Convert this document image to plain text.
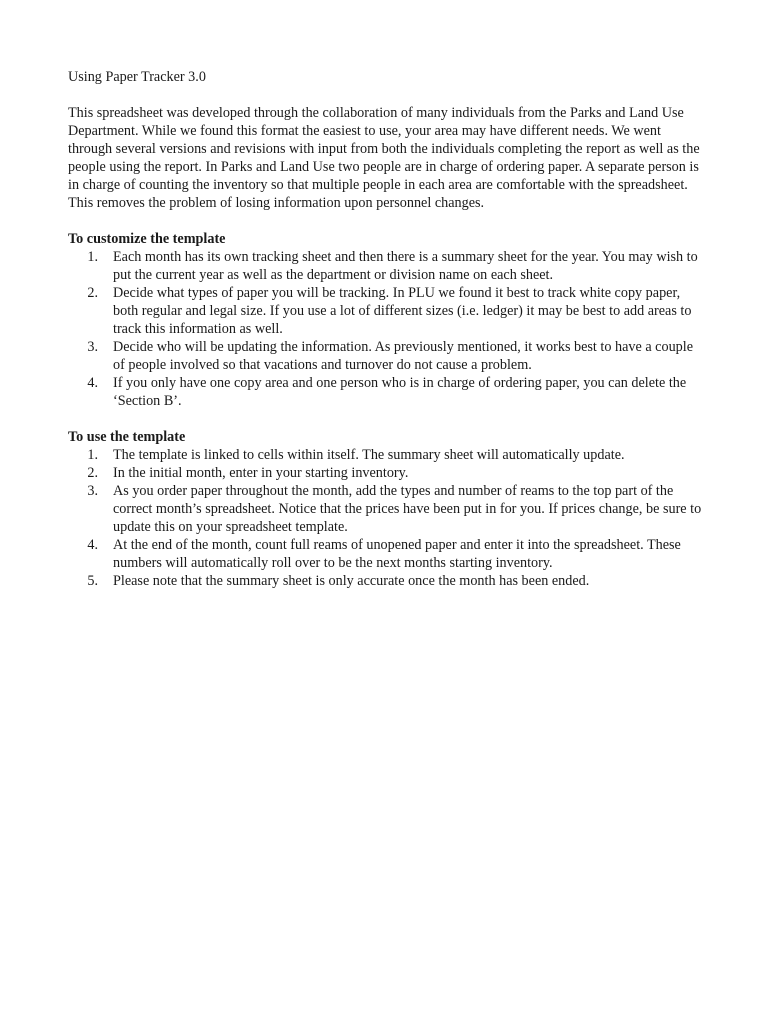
Using Paper Tracker 3.0

This spreadsheet was developed through the collaboration of many individuals from the Parks and Land Use Department. While we found this format the easiest to use, your area may have different needs. We went through several versions and revisions with input from both the individuals completing the report as well as the people using the report. In Parks and Land Use two people are in charge of ordering paper. A separate person is in charge of counting the inventory so that multiple people in each area are comfortable with the spreadsheet. This removes the problem of losing information upon personnel changes.

To customize the template

1.	Each month has its own tracking sheet and then there is a summary sheet for the year. You may wish to put the current year as well as the department or division name on each sheet.
2.	Decide what types of paper you will be tracking. In PLU we found it best to track white copy paper, both regular and legal size. If you use a lot of different sizes (i.e. ledger) it may be best to add areas to track this information as well.
3.	Decide who will be updating the information. As previously mentioned, it works best to have a couple of people involved so that vacations and turnover do not cause a problem.
4.	If you only have one copy area and one person who is in charge of ordering paper, you can delete the ‘Section B’.

To use the template

1.	The template is linked to cells within itself. The summary sheet will automatically update.
2.	In the initial month, enter in your starting inventory.
3.	As you order paper throughout the month, add the types and number of reams to the top part of the correct month’s spreadsheet. Notice that the prices have been put in for you. If prices change, be sure to update this on your spreadsheet template.
4.	At the end of the month, count full reams of unopened paper and enter it into the spreadsheet. These numbers will automatically roll over to be the next months starting inventory.
5.	Please note that the summary sheet is only accurate once the month has been ended.
